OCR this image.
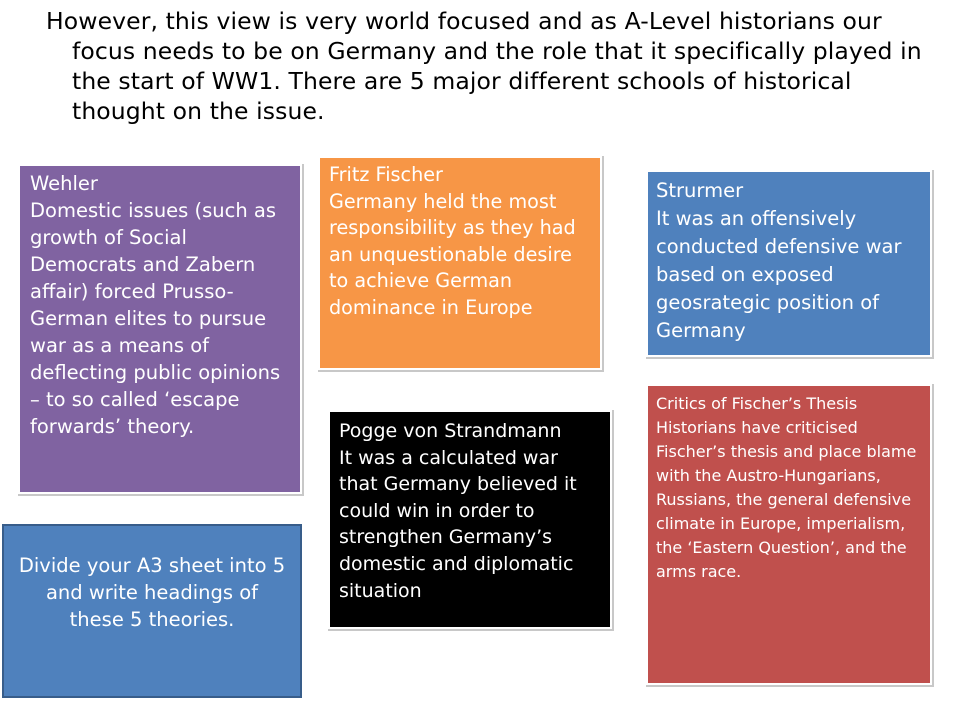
However, this view is very world focused and as A-Level historians our focus needs to be on Germany and the role that it specifically played in the start of WW1. There are 5 major different schools of historical thought on the issue.
Wehler
Domestic issues (such as growth of Social Democrats and Zabern affair) forced Prusso-German elites to pursue war as a means of deflecting public opinions – to so called ‘escape forwards’ theory.
Fritz Fischer
Germany held the most responsibility as they had an unquestionable desire to achieve German dominance in Europe
Strurmer
It was an offensively conducted defensive war based on exposed geosrategic position of Germany
Pogge von Strandmann
It was a calculated war that Germany believed it could win in order to strengthen Germany’s domestic and diplomatic situation
Critics of Fischer’s Thesis
Historians have criticised Fischer’s thesis and place blame with the Austro-Hungarians, Russians, the general defensive climate in Europe, imperialism, the ‘Eastern Question’, and the arms race.
Divide your A3 sheet into 5 and write headings of these 5 theories.
